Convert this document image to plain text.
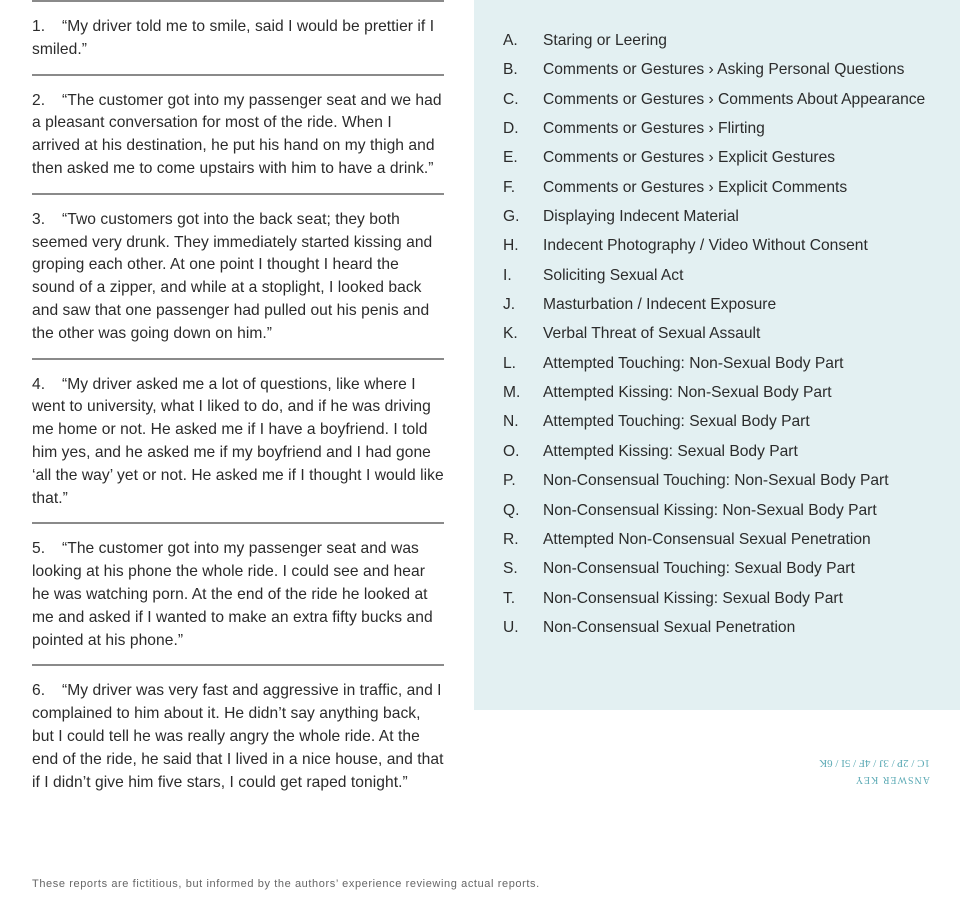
1. “My driver told me to smile, said I would be prettier if I smiled.”
2. “The customer got into my passenger seat and we had a pleasant conversation for most of the ride. When I arrived at his destination, he put his hand on my thigh and then asked me to come upstairs with him to have a drink.”
3. “Two customers got into the back seat; they both seemed very drunk. They immediately started kissing and groping each other. At one point I thought I heard the sound of a zipper, and while at a stoplight, I looked back and saw that one passenger had pulled out his penis and the other was going down on him.”
4. “My driver asked me a lot of questions, like where I went to university, what I liked to do, and if he was driving me home or not. He asked me if I have a boyfriend. I told him yes, and he asked me if my boyfriend and I had gone ‘all the way’ yet or not. He asked me if I thought I would like that.”
5. “The customer got into my passenger seat and was looking at his phone the whole ride. I could see and hear he was watching porn. At the end of the ride he looked at me and asked if I wanted to make an extra fifty bucks and pointed at his phone.”
6. “My driver was very fast and aggressive in traffic, and I complained to him about it. He didn’t say anything back, but I could tell he was really angry the whole ride. At the end of the ride, he said that I lived in a nice house, and that if I didn’t give him five stars, I could get raped tonight.”
A. Staring or Leering
B. Comments or Gestures › Asking Personal Questions
C. Comments or Gestures › Comments About Appearance
D. Comments or Gestures › Flirting
E. Comments or Gestures › Explicit Gestures
F. Comments or Gestures › Explicit Comments
G. Displaying Indecent Material
H. Indecent Photography / Video Without Consent
I. Soliciting Sexual Act
J. Masturbation / Indecent Exposure
K. Verbal Threat of Sexual Assault
L. Attempted Touching: Non-Sexual Body Part
M. Attempted Kissing: Non-Sexual Body Part
N. Attempted Touching: Sexual Body Part
O. Attempted Kissing: Sexual Body Part
P. Non-Consensual Touching: Non-Sexual Body Part
Q. Non-Consensual Kissing: Non-Sexual Body Part
R. Attempted Non-Consensual Sexual Penetration
S. Non-Consensual Touching: Sexual Body Part
T. Non-Consensual Kissing: Sexual Body Part
U. Non-Consensual Sexual Penetration
ANSWER KEY
1C / 2P / 3J / 4F / 5I / 6K
These reports are fictitious, but informed by the authors’ experience reviewing actual reports.
